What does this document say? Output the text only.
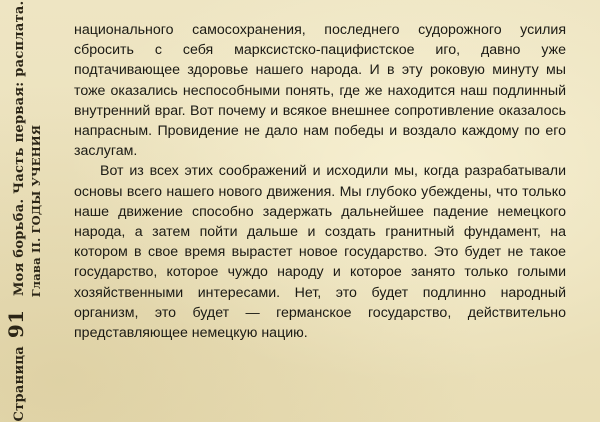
Страница 91  Моя борьба. Часть первая: расплата.
Глава II. ГОДЫ УЧЕНИЯ

национального самосохранения, последнего судорожного усилия сбросить с себя марксистско-пацифистское иго, давно уже подтачивающее здоровье нашего народа. И в эту роковую минуту мы тоже оказались неспособными понять, где же находится наш подлинный внутренний враг. Вот почему и всякое внешнее сопротивление оказалось напрасным. Провидение не дало нам победы и воздало каждому по его заслугам.

Вот из всех этих соображений и исходили мы, когда разрабатывали основы всего нашего нового движения. Мы глубоко убеждены, что только наше движение способно задержать дальнейшее падение немецкого народа, а затем пойти дальше и создать гранитный фундамент, на котором в свое время вырастет новое государство. Это будет не такое государство, которое чуждо народу и которое занято только голыми хозяйственными интересами. Нет, это будет подлинно народный организм, это будет — германское государство, действительно представляющее немецкую нацию.
